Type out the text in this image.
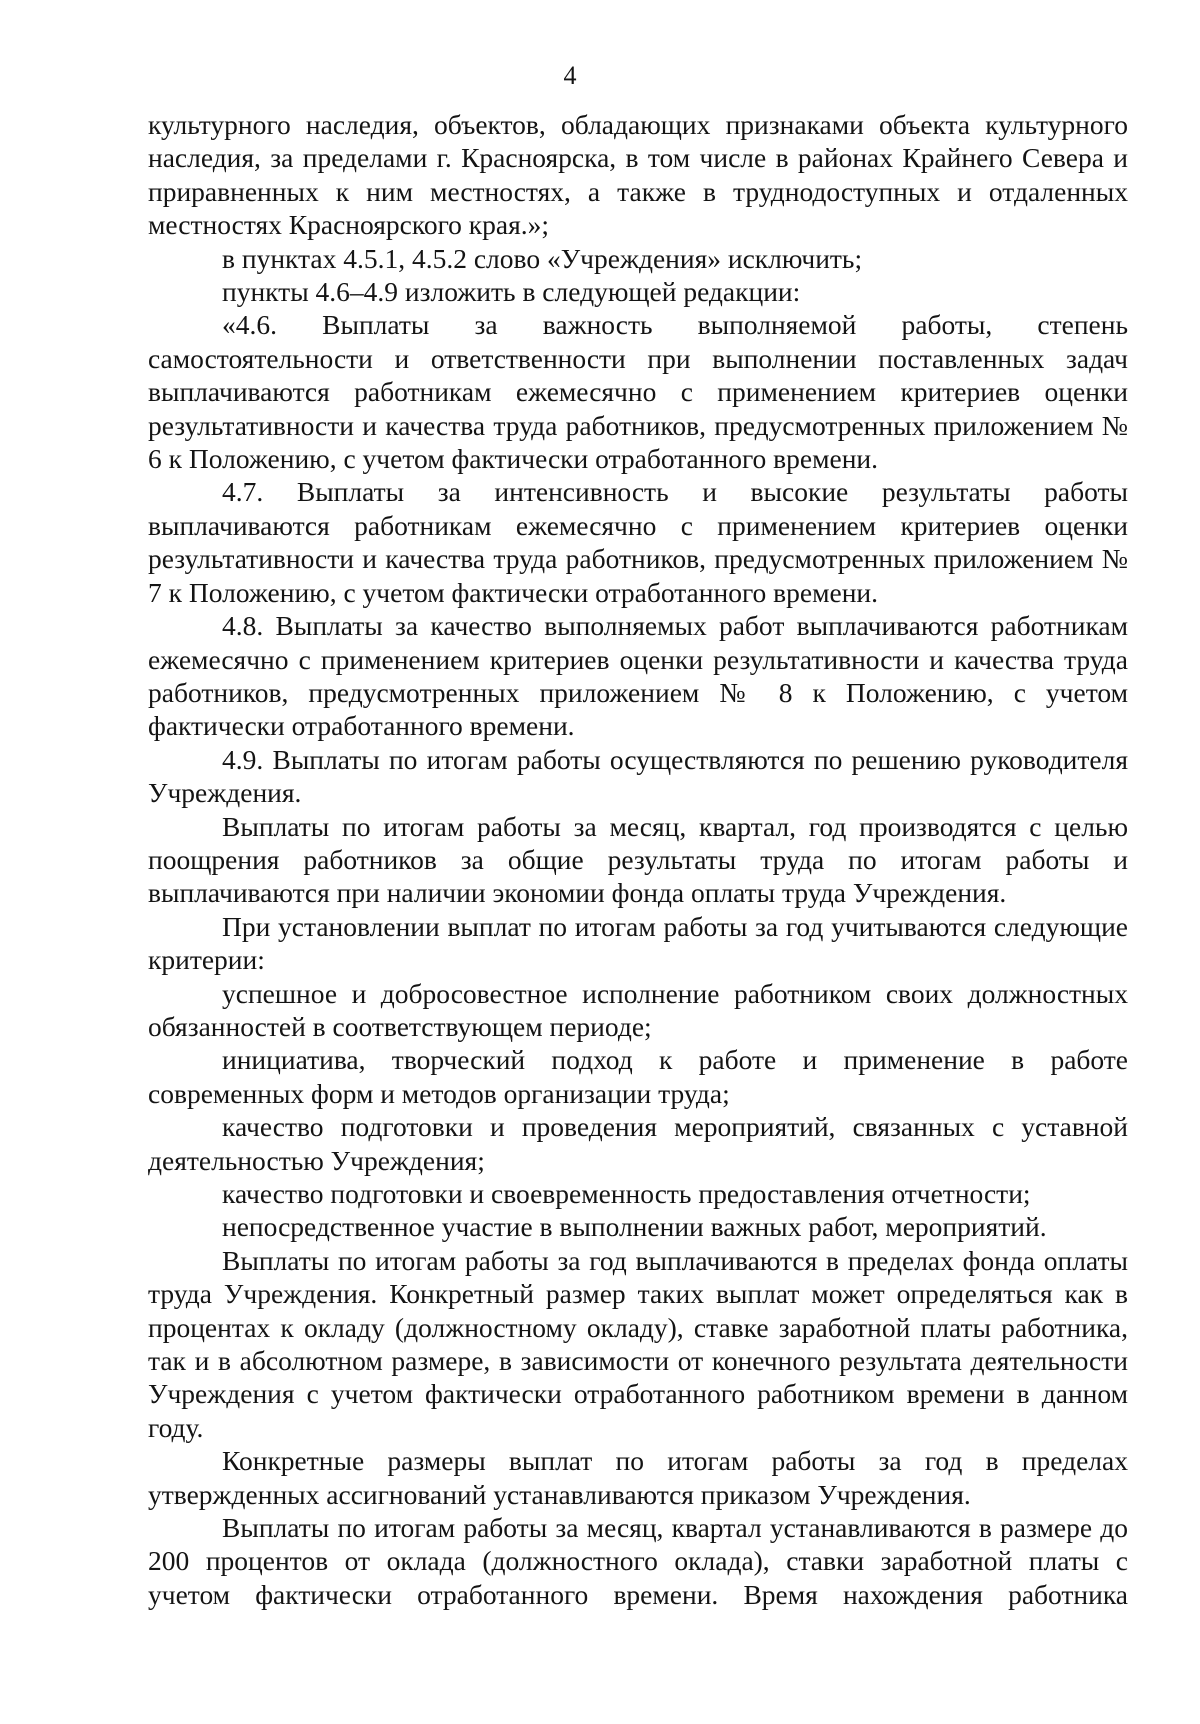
4

культурного наследия, объектов, обладающих признаками объекта культурного наследия, за пределами г. Красноярска, в том числе в районах Крайнего Севера и приравненных к ним местностях, а также в труднодоступных и отдаленных местностях Красноярского края.»;

в пунктах 4.5.1, 4.5.2 слово «Учреждения» исключить;

пункты 4.6–4.9 изложить в следующей редакции:

«4.6. Выплаты за важность выполняемой работы, степень самостоятельности и ответственности при выполнении поставленных задач выплачиваются работникам ежемесячно с применением критериев оценки результативности и качества труда работников, предусмотренных приложением № 6 к Положению, с учетом фактически отработанного времени.

4.7. Выплаты за интенсивность и высокие результаты работы выплачиваются работникам ежемесячно с применением критериев оценки результативности и качества труда работников, предусмотренных приложением № 7 к Положению, с учетом фактически отработанного времени.

4.8. Выплаты за качество выполняемых работ выплачиваются работникам ежемесячно с применением критериев оценки результативности и качества труда работников, предусмотренных приложением № 8 к Положению, с учетом фактически отработанного времени.

4.9. Выплаты по итогам работы осуществляются по решению руководителя Учреждения.

Выплаты по итогам работы за месяц, квартал, год производятся с целью поощрения работников за общие результаты труда по итогам работы и выплачиваются при наличии экономии фонда оплаты труда Учреждения.

При установлении выплат по итогам работы за год учитываются следующие критерии:

успешное и добросовестное исполнение работником своих должностных обязанностей в соответствующем периоде;

инициатива, творческий подход к работе и применение в работе современных форм и методов организации труда;

качество подготовки и проведения мероприятий, связанных с уставной деятельностью Учреждения;

качество подготовки и своевременность предоставления отчетности;

непосредственное участие в выполнении важных работ, мероприятий.

Выплаты по итогам работы за год выплачиваются в пределах фонда оплаты труда Учреждения. Конкретный размер таких выплат может определяться как в процентах к окладу (должностному окладу), ставке заработной платы работника, так и в абсолютном размере, в зависимости от конечного результата деятельности Учреждения с учетом фактически отработанного работником времени в данном году.

Конкретные размеры выплат по итогам работы за год в пределах утвержденных ассигнований устанавливаются приказом Учреждения.

Выплаты по итогам работы за месяц, квартал устанавливаются в размере до 200 процентов от оклада (должностного оклада), ставки заработной платы с учетом фактически отработанного времени. Время нахождения работника
